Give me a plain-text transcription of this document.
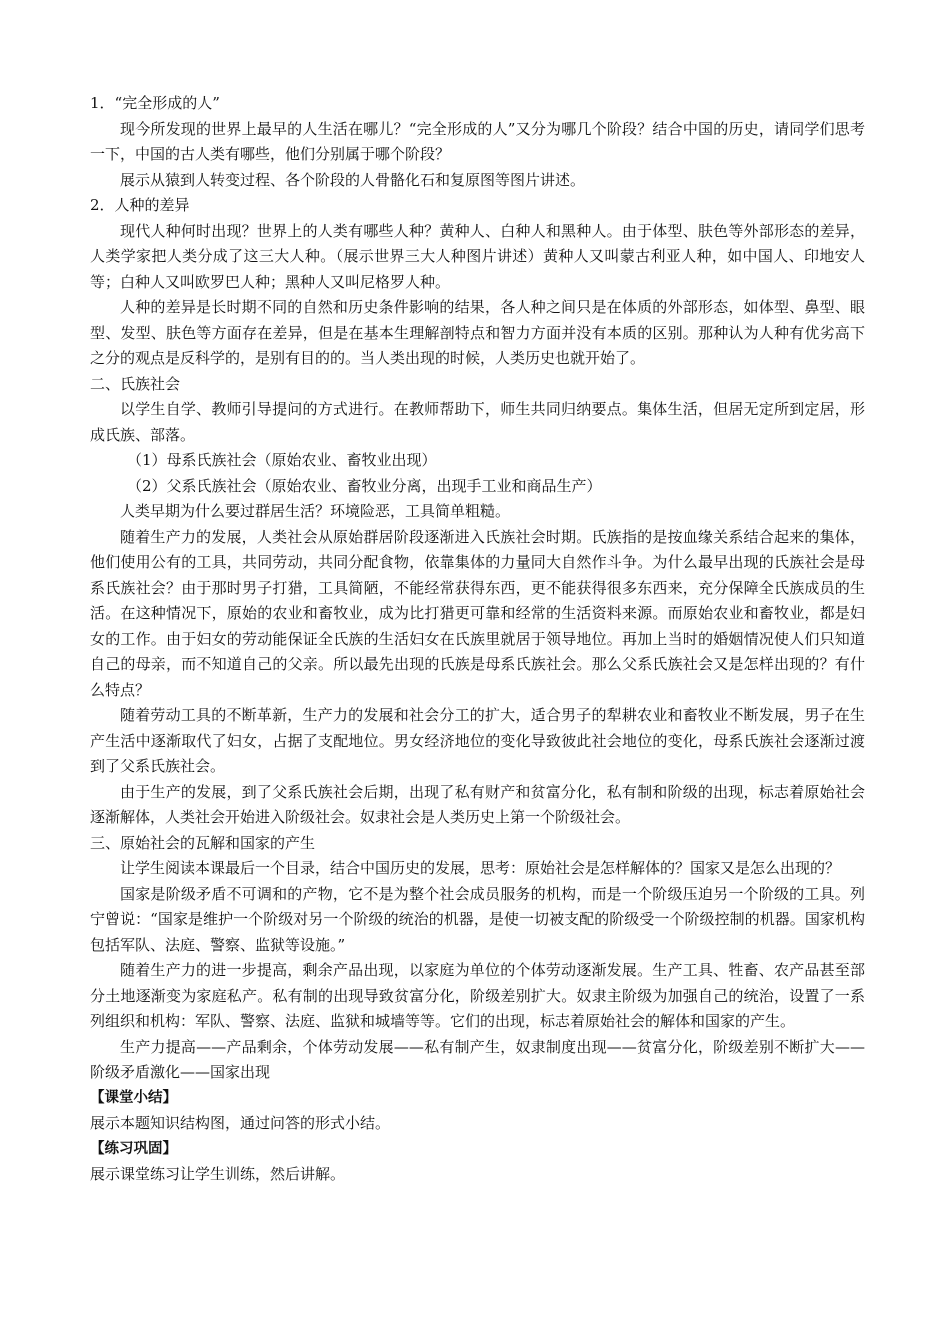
1．“完全形成的人”

现今所发现的世界上最早的人生活在哪儿？“完全形成的人”又分为哪几个阶段？结合中国的历史，请同学们思考一下，中国的古人类有哪些，他们分别属于哪个阶段？

展示从猿到人转变过程、各个阶段的人骨骼化石和复原图等图片讲述。

2．人种的差异

现代人种何时出现？世界上的人类有哪些人种？黄种人、白种人和黑种人。由于体型、肤色等外部形态的差异，人类学家把人类分成了这三大人种。（展示世界三大人种图片讲述）黄种人又叫蒙古利亚人种，如中国人、印地安人等；白种人又叫欧罗巴人种；黑种人又叫尼格罗人种。

人种的差异是长时期不同的自然和历史条件影响的结果，各人种之间只是在体质的外部形态，如体型、鼻型、眼型、发型、肤色等方面存在差异，但是在基本生理解剖特点和智力方面并没有本质的区别。那种认为人种有优劣高下之分的观点是反科学的，是别有目的的。当人类出现的时候，人类历史也就开始了。

二、氏族社会

以学生自学、教师引导提问的方式进行。在教师帮助下，师生共同归纳要点。集体生活，但居无定所到定居，形成氏族、部落。

（1）母系氏族社会（原始农业、畜牧业出现）

（2）父系氏族社会（原始农业、畜牧业分离，出现手工业和商品生产）

人类早期为什么要过群居生活？环境险恶，工具简单粗糙。

随着生产力的发展，人类社会从原始群居阶段逐渐进入氏族社会时期。氏族指的是按血缘关系结合起来的集体，他们使用公有的工具，共同劳动，共同分配食物，依靠集体的力量同大自然作斗争。为什么最早出现的氏族社会是母系氏族社会？由于那时男子打猎，工具简陋，不能经常获得东西，更不能获得很多东西来，充分保障全氏族成员的生活。在这种情况下，原始的农业和畜牧业，成为比打猎更可靠和经常的生活资料来源。而原始农业和畜牧业，都是妇女的工作。由于妇女的劳动能保证全氏族的生活妇女在氏族里就居于领导地位。再加上当时的婚姻情况使人们只知道自己的母亲，而不知道自己的父亲。所以最先出现的氏族是母系氏族社会。那么父系氏族社会又是怎样出现的？有什么特点？

随着劳动工具的不断革新，生产力的发展和社会分工的扩大，适合男子的犁耕农业和畜牧业不断发展，男子在生产生活中逐渐取代了妇女，占据了支配地位。男女经济地位的变化导致彼此社会地位的变化，母系氏族社会逐渐过渡到了父系氏族社会。

由于生产的发展，到了父系氏族社会后期，出现了私有财产和贫富分化，私有制和阶级的出现，标志着原始社会逐渐解体，人类社会开始进入阶级社会。奴隶社会是人类历史上第一个阶级社会。

三、原始社会的瓦解和国家的产生

让学生阅读本课最后一个目录，结合中国历史的发展，思考：原始社会是怎样解体的？国家又是怎么出现的？

国家是阶级矛盾不可调和的产物，它不是为整个社会成员服务的机构，而是一个阶级压迫另一个阶级的工具。列宁曾说：“国家是维护一个阶级对另一个阶级的统治的机器，是使一切被支配的阶级受一个阶级控制的机器。国家机构包括军队、法庭、警察、监狱等设施。”

随着生产力的进一步提高，剩余产品出现，以家庭为单位的个体劳动逐渐发展。生产工具、牲畜、农产品甚至部分土地逐渐变为家庭私产。私有制的出现导致贫富分化，阶级差别扩大。奴隶主阶级为加强自己的统治，设置了一系列组织和机构：军队、警察、法庭、监狱和城墙等等。它们的出现，标志着原始社会的解体和国家的产生。

生产力提高——产品剩余，个体劳动发展——私有制产生，奴隶制度出现——贫富分化，阶级差别不断扩大——阶级矛盾激化——国家出现

【课堂小结】

展示本题知识结构图，通过问答的形式小结。

【练习巩固】

展示课堂练习让学生训练，然后讲解。
